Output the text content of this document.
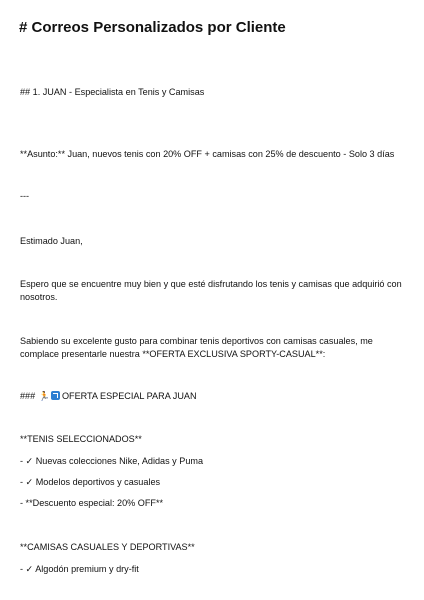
# Correos Personalizados por Cliente
## 1. JUAN - Especialista en Tenis y Camisas
**Asunto:** Juan, nuevos tenis con 20% OFF + camisas con 25% de descuento - Solo 3 días
---
Estimado Juan,
Espero que se encuentre muy bien y que esté disfrutando los tenis y camisas que adquirió con nosotros.
Sabiendo su excelente gusto para combinar tenis deportivos con camisas casuales, me complace presentarle nuestra **OFERTA EXCLUSIVA SPORTY-CASUAL**:
### 🏃 OFERTA ESPECIAL PARA JUAN
**TENIS SELECCIONADOS**
- ✓ Nuevas colecciones Nike, Adidas y Puma
- ✓ Modelos deportivos y casuales
- **Descuento especial: 20% OFF**
**CAMISAS CASUALES Y DEPORTIVAS**
- ✓ Algodón premium y dry-fit
